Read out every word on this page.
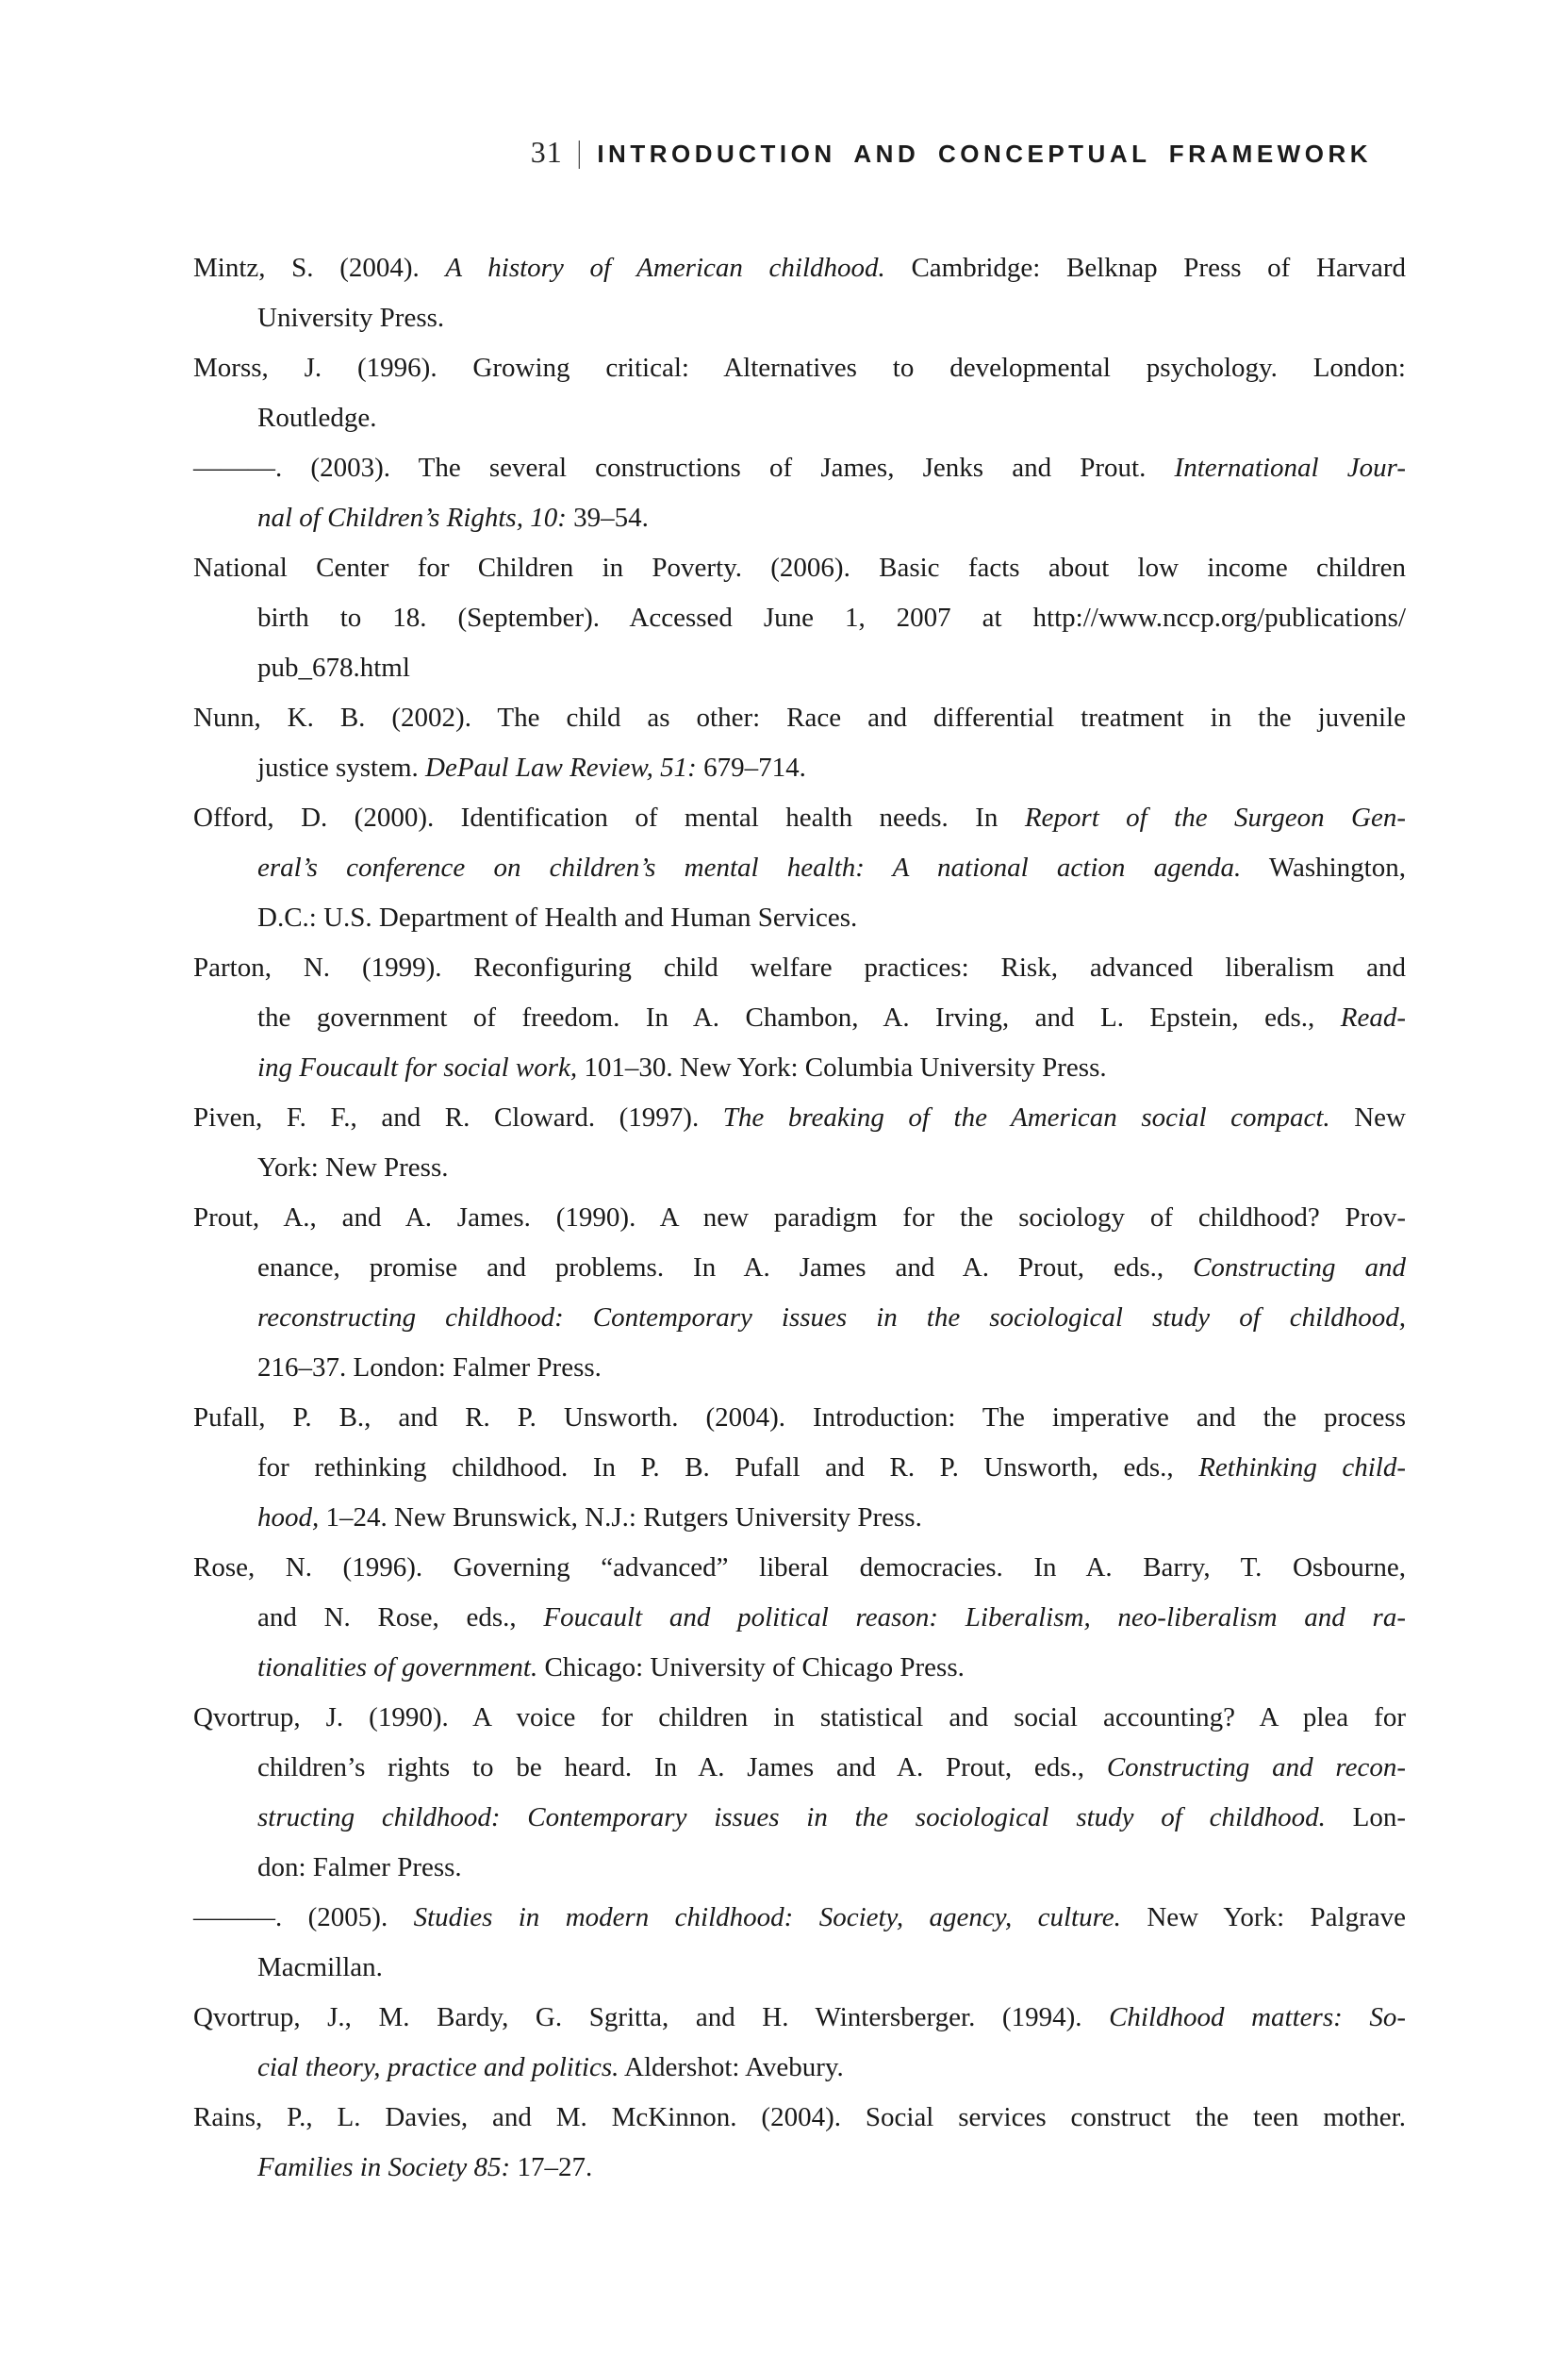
31 | INTRODUCTION AND CONCEPTUAL FRAMEWORK
Mintz, S. (2004). A history of American childhood. Cambridge: Belknap Press of Harvard
University Press.
Morss, J. (1996). Growing critical: Alternatives to developmental psychology. London:
Routledge.
———. (2003). The several constructions of James, Jenks and Prout. International Jour-
nal of Children’s Rights, 10: 39–54.
National Center for Children in Poverty. (2006). Basic facts about low income children
birth to 18. (September). Accessed June 1, 2007 at http://www.nccp.org/publications/
pub_678.html
Nunn, K. B. (2002). The child as other: Race and differential treatment in the juvenile
justice system. DePaul Law Review, 51: 679–714.
Offord, D. (2000). Identification of mental health needs. In Report of the Surgeon Gen-
eral’s conference on children’s mental health: A national action agenda. Washington,
D.C.: U.S. Department of Health and Human Services.
Parton, N. (1999). Reconfiguring child welfare practices: Risk, advanced liberalism and
the government of freedom. In A. Chambon, A. Irving, and L. Epstein, eds., Read-
ing Foucault for social work, 101–30. New York: Columbia University Press.
Piven, F. F., and R. Cloward. (1997). The breaking of the American social compact. New
York: New Press.
Prout, A., and A. James. (1990). A new paradigm for the sociology of childhood? Prov-
enance, promise and problems. In A. James and A. Prout, eds., Constructing and
reconstructing childhood: Contemporary issues in the sociological study of childhood,
216–37. London: Falmer Press.
Pufall, P. B., and R. P. Unsworth. (2004). Introduction: The imperative and the process
for rethinking childhood. In P. B. Pufall and R. P. Unsworth, eds., Rethinking child-
hood, 1–24. New Brunswick, N.J.: Rutgers University Press.
Rose, N. (1996). Governing “advanced” liberal democracies. In A. Barry, T. Osbourne,
and N. Rose, eds., Foucault and political reason: Liberalism, neo-liberalism and ra-
tionalities of government. Chicago: University of Chicago Press.
Qvortrup, J. (1990). A voice for children in statistical and social accounting? A plea for
children’s rights to be heard. In A. James and A. Prout, eds., Constructing and recon-
structing childhood: Contemporary issues in the sociological study of childhood. Lon-
don: Falmer Press.
———. (2005). Studies in modern childhood: Society, agency, culture. New York: Palgrave
Macmillan.
Qvortrup, J., M. Bardy, G. Sgritta, and H. Wintersberger. (1994). Childhood matters: So-
cial theory, practice and politics. Aldershot: Avebury.
Rains, P., L. Davies, and M. McKinnon. (2004). Social services construct the teen mother.
Families in Society 85: 17–27.
